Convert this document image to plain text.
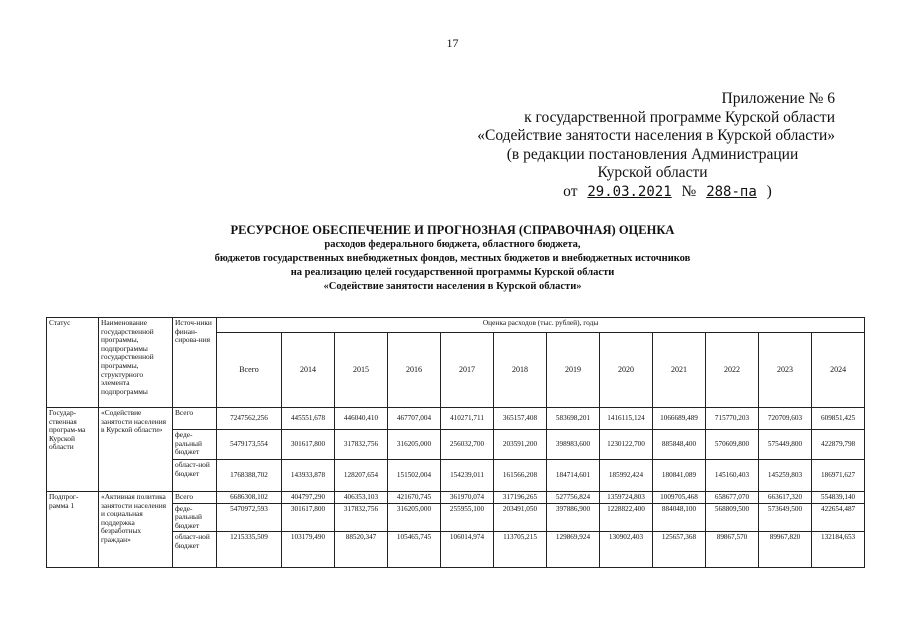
17
Приложение № 6
к государственной программе Курской области
«Содействие занятости населения в Курской области»
(в редакции постановления Администрации
Курской области
от 29.03.2021 № 288-па )
РЕСУРСНОЕ ОБЕСПЕЧЕНИЕ И ПРОГНОЗНАЯ (СПРАВОЧНАЯ) ОЦЕНКА
расходов федерального бюджета, областного бюджета,
бюджетов государственных внебюджетных фондов, местных бюджетов и внебюджетных источников
на реализацию целей государственной программы Курской области
«Содействие занятости населения в Курской области»
Статус	Наименование государственной программы, подпрограммы государственной программы, структурного элемента подпрограммы	Источ-ники финан-сирова-ния	Оценка расходов (тыс. рублей), годы											
			Всего	2014	2015	2016	2017	2018	2019	2020	2021	2022	2023	2024
Государ-ственная програм-ма Курской области	«Содействие занятости населения в Курской области»	Всего	7247562,256	445551,678	446040,410	467707,004	410271,711	365157,408	583698,201	1416115,124	1066689,489	715770,203	720709,603	609851,425
		феде-ральный бюджет	5479173,554	301617,800	317832,756	316205,000	256032,700	203591,200	398983,600	1230122,700	885848,400	570609,800	575449,800	422879,798
		област-ной бюджет	1768388,702	143933,878	128207,654	151502,004	154239,011	161566,208	184714,601	185992,424	180841,089	145160,403	145259,803	186971,627
Подпрог-рамма 1	«Активная политика занятости населения и социальная поддержка безработных граждан»	Всего	6686308,102	404797,290	406353,103	421670,745	361970,074	317196,265	527756,824	1359724,803	1009705,468	658677,070	663617,320	554839,140
		феде-ральный бюджет	5470972,593	301617,800	317832,756	316205,000	255955,100	203491,050	397886,900	1228822,400	884048,100	568809,500	573649,500	422654,487
		област-ной бюджет	1215335,509	103179,490	88520,347	105465,745	106014,974	113705,215	129869,924	130902,403	125657,368	89867,570	89967,820	132184,653
